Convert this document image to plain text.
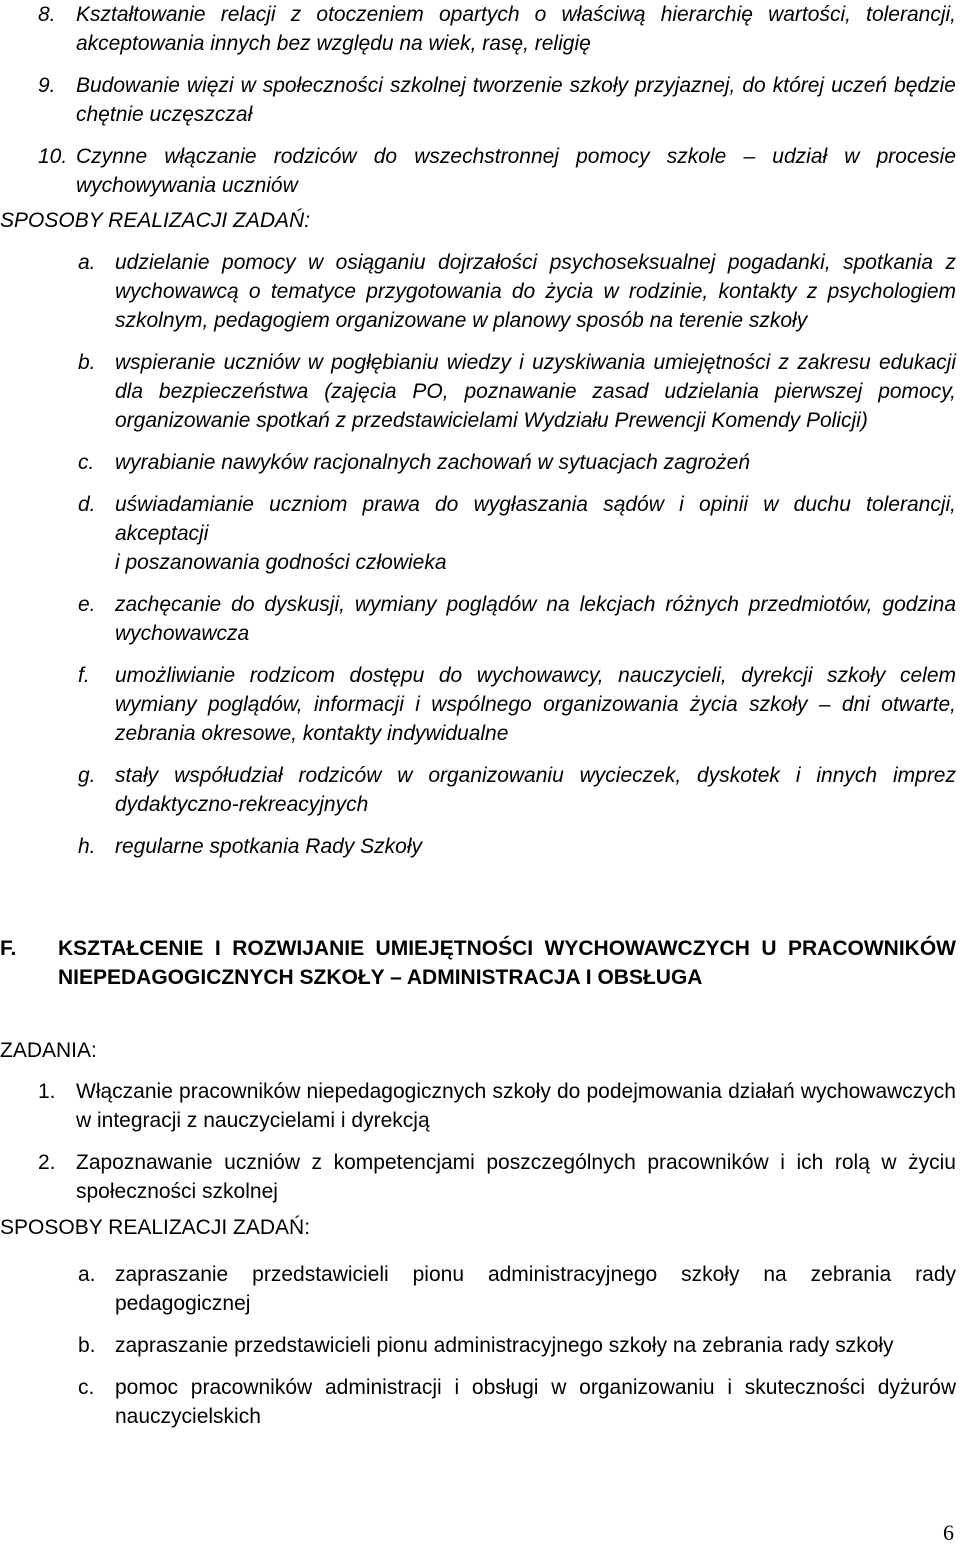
8. Kształtowanie relacji z otoczeniem opartych o właściwą hierarchię wartości, tolerancji, akceptowania innych bez względu na wiek, rasę, religię
9. Budowanie więzi w społeczności szkolnej tworzenie szkoły przyjaznej, do której uczeń będzie chętnie uczęszczał
10. Czynne włączanie rodziców do wszechstronnej pomocy szkole – udział w procesie wychowywania uczniów
SPOSOBY REALIZACJI ZADAŃ:
a. udzielanie pomocy w osiąganiu dojrzałości psychoseksualnej pogadanki, spotkania z wychowawcą o tematyce przygotowania do życia w rodzinie, kontakty z psychologiem szkolnym, pedagogiem organizowane w planowy sposób na terenie szkoły
b. wspieranie uczniów w pogłębianiu wiedzy i uzyskiwania umiejętności z zakresu edukacji dla bezpieczeństwa (zajęcia PO, poznawanie zasad udzielania pierwszej pomocy, organizowanie spotkań z przedstawicielami Wydziału Prewencji Komendy Policji)
c. wyrabianie nawyków racjonalnych zachowań w sytuacjach zagrożeń
d. uświadamianie uczniom prawa do wygłaszania sądów i opinii w duchu tolerancji, akceptacji
i poszanowania godności człowieka
e. zachęcanie do dyskusji, wymiany poglądów na lekcjach różnych przedmiotów, godzina wychowawcza
f. umożliwianie rodzicom dostępu do wychowawcy, nauczycieli, dyrekcji szkoły celem wymiany poglądów, informacji i wspólnego organizowania życia szkoły – dni otwarte, zebrania okresowe, kontakty indywidualne
g. stały współudział rodziców w organizowaniu wycieczek, dyskotek i innych imprez dydaktyczno-rekreacyjnych
h. regularne spotkania Rady Szkoły
F. KSZTAŁCENIE I ROZWIJANIE UMIEJĘTNOŚCI WYCHOWAWCZYCH U PRACOWNIKÓW NIEPEDAGOGICZNYCH SZKOŁY – ADMINISTRACJA I OBSŁUGA
ZADANIA:
1. Włączanie pracowników niepedagogicznych szkoły do podejmowania działań wychowawczych w integracji z nauczycielami i dyrekcją
2. Zapoznawanie uczniów z kompetencjami poszczególnych pracowników i ich rolą w życiu społeczności szkolnej
SPOSOBY REALIZACJI ZADAŃ:
a. zapraszanie przedstawicieli pionu administracyjnego szkoły na zebrania rady pedagogicznej
b. zapraszanie przedstawicieli pionu administracyjnego szkoły na zebrania rady szkoły
c. pomoc pracowników administracji i obsługi w organizowaniu i skuteczności dyżurów nauczycielskich
6
